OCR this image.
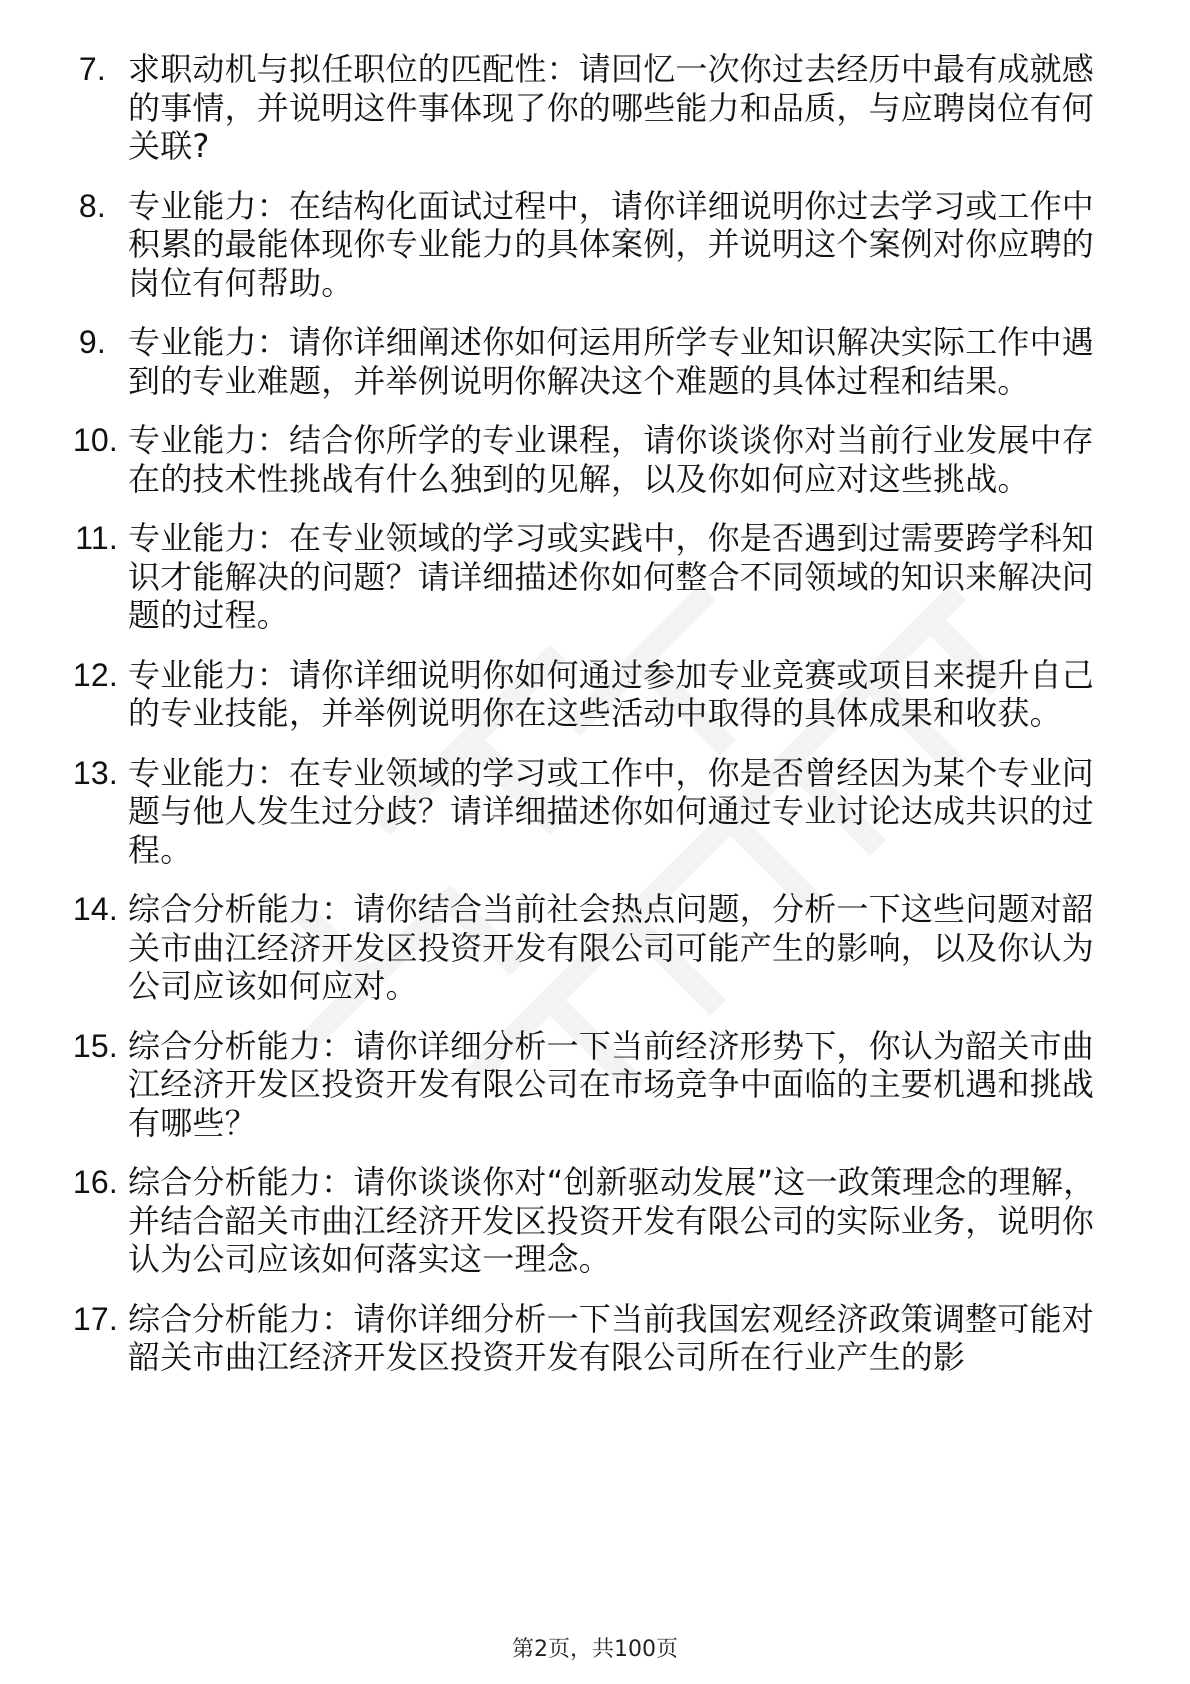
7. 求职动机与拟任职位的匹配性：请回忆一次你过去经历中最有成就感的事情，并说明这件事体现了你的哪些能力和品质，与应聘岗位有何关联?
8. 专业能力：在结构化面试过程中，请你详细说明你过去学习或工作中积累的最能体现你专业能力的具体案例，并说明这个案例对你应聘的岗位有何帮助。
9. 专业能力：请你详细阐述你如何运用所学专业知识解决实际工作中遇到的专业难题，并举例说明你解决这个难题的具体过程和结果。
10. 专业能力：结合你所学的专业课程，请你谈谈你对当前行业发展中存在的技术性挑战有什么独到的见解，以及你如何应对这些挑战。
11. 专业能力：在专业领域的学习或实践中，你是否遇到过需要跨学科知识才能解决的问题？请详细描述你如何整合不同领域的知识来解决问题的过程。
12. 专业能力：请你详细说明你如何通过参加专业竞赛或项目来提升自己的专业技能，并举例说明你在这些活动中取得的具体成果和收获。
13. 专业能力：在专业领域的学习或工作中，你是否曾经因为某个专业问题与他人发生过分歧？请详细描述你如何通过专业讨论达成共识的过程。
14. 综合分析能力：请你结合当前社会热点问题，分析一下这些问题对韶关市曲江经济开发区投资开发有限公司可能产生的影响，以及你认为公司应该如何应对。
15. 综合分析能力：请你详细分析一下当前经济形势下，你认为韶关市曲江经济开发区投资开发有限公司在市场竞争中面临的主要机遇和挑战有哪些？
16. 综合分析能力：请你谈谈你对“创新驱动发展”这一政策理念的理解，并结合韶关市曲江经济开发区投资开发有限公司的实际业务，说明你认为公司应该如何落实这一理念。
17. 综合分析能力：请你详细分析一下当前我国宏观经济政策调整可能对韶关市曲江经济开发区投资开发有限公司所在行业产生的影
第2页，共100页
